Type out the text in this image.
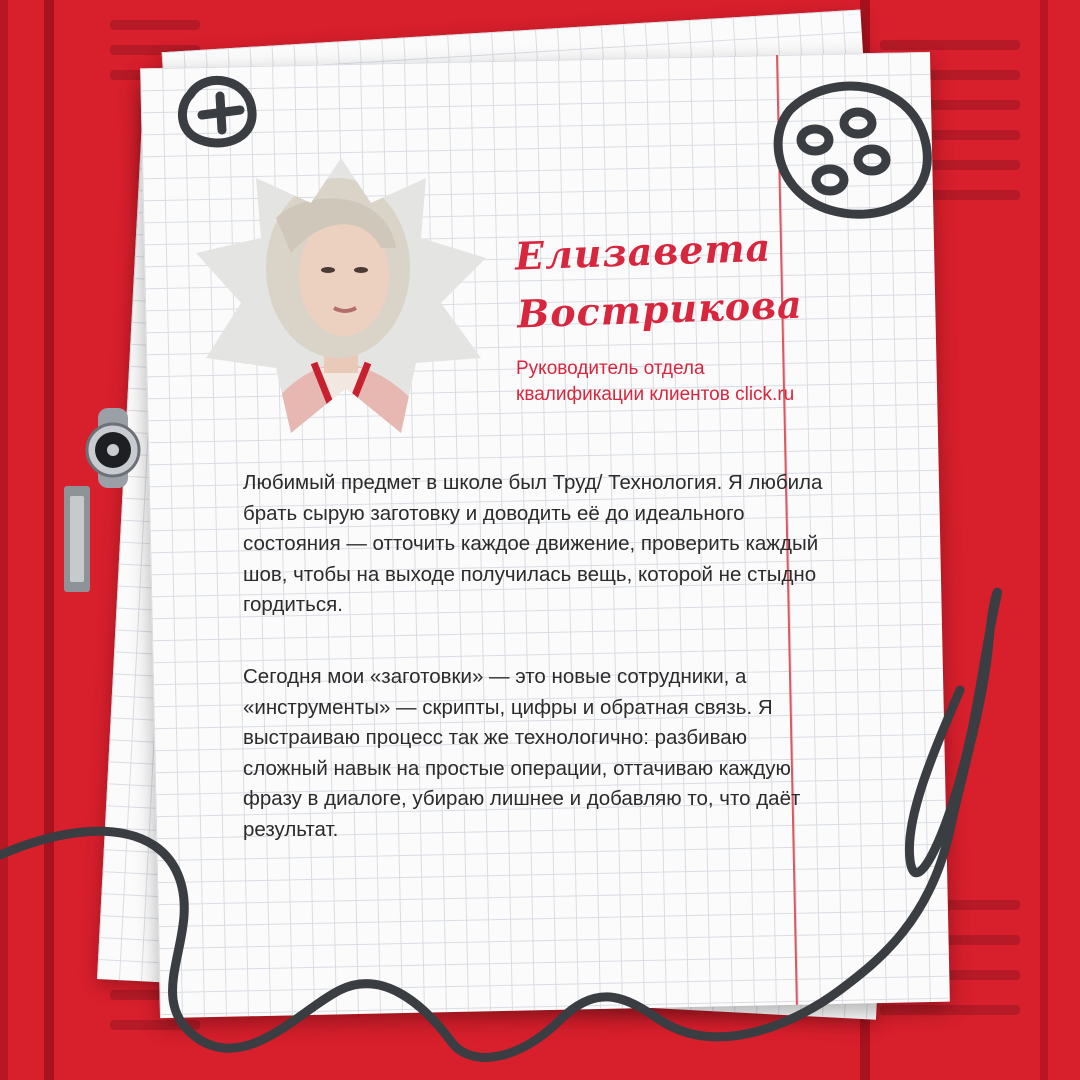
Елизавета
Вострикова
Руководитель отдела квалификации клиентов click.ru

Любимый предмет в школе был Труд/ Технология. Я любила брать сырую заготовку и доводить её до идеального состояния — отточить каждое движение, проверить каждый шов, чтобы на выходе получилась вещь, которой не стыдно гордиться.

Сегодня мои «заготовки» — это новые сотрудники, а «инструменты» — скрипты, цифры и обратная связь. Я выстраиваю процесс так же технологично: разбиваю сложный навык на простые операции, оттачиваю каждую фразу в диалоге, убираю лишнее и добавляю то, что даёт результат.
